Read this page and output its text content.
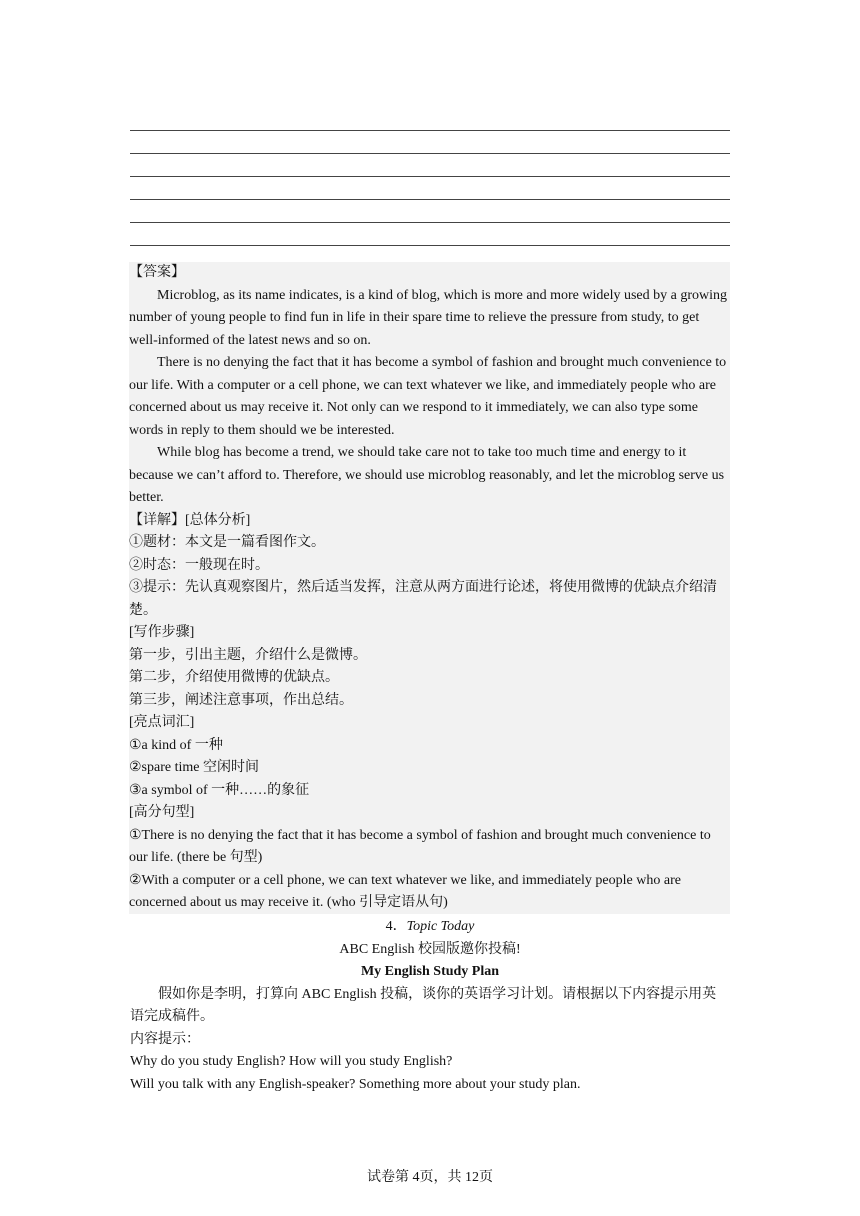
【答案】

Microblog, as its name indicates, is a kind of blog, which is more and more widely used by a growing number of young people to find fun in life in their spare time to relieve the pressure from study, to get well-informed of the latest news and so on.

There is no denying the fact that it has become a symbol of fashion and brought much convenience to our life. With a computer or a cell phone, we can text whatever we like, and immediately people who are concerned about us may receive it. Not only can we respond to it immediately, we can also type some words in reply to them should we be interested.

While blog has become a trend, we should take care not to take too much time and energy to it because we can’t afford to. Therefore, we should use microblog reasonably, and let the microblog serve us better.

【详解】[总体分析]

①题材：本文是一篇看图作文。

②时态：一般现在时。

③提示：先认真观察图片，然后适当发挥，注意从两方面进行论述，将使用微博的优缺点介绍清楚。

[写作步骤]

第一步，引出主题，介绍什么是微博。

第二步，介绍使用微博的优缺点。

第三步，阐述注意事项，作出总结。

[亮点词汇]

①a kind of 一种

②spare time 空闲时间

③a symbol of 一种……的象征

[高分句型]

①There is no denying the fact that it has become a symbol of fashion and brought much convenience to our life. (there be 句型)

②With a computer or a cell phone, we can text whatever we like, and immediately people who are concerned about us may receive it. (who 引导定语从句)

4．Topic Today

ABC English 校园版邀你投稿!

My English Study Plan

假如你是李明，打算向 ABC English 投稿，谈你的英语学习计划。请根据以下内容提示用英语完成稿件。

内容提示：

Why do you study English? How will you study English?

Will you talk with any English-speaker? Something more about your study plan.

试卷第 4页，共 12页
